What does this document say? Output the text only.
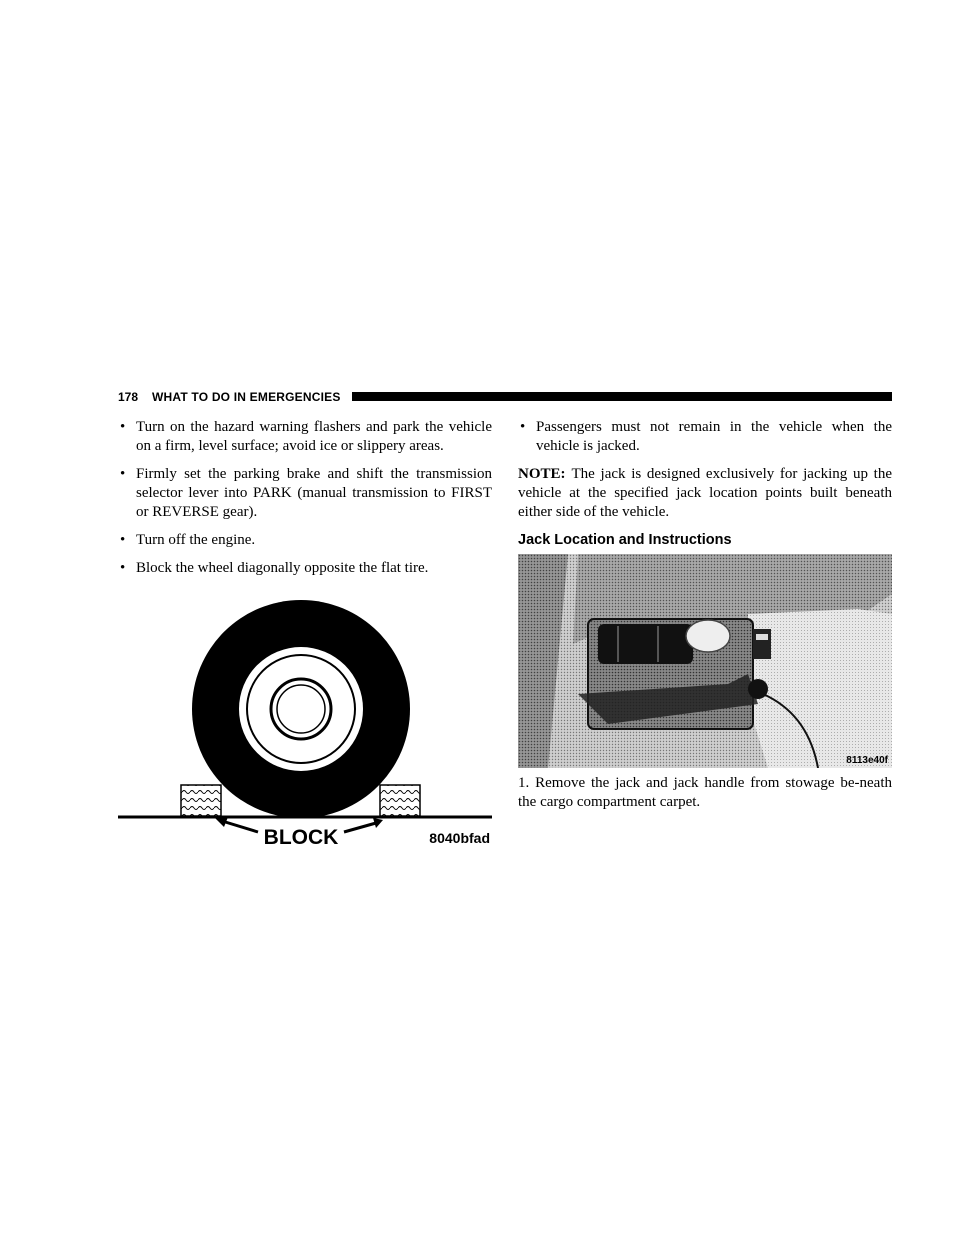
178 WHAT TO DO IN EMERGENCIES
• Turn on the hazard warning flashers and park the vehicle on a firm, level surface; avoid ice or slippery areas.
• Firmly set the parking brake and shift the transmission selector lever into PARK (manual transmission to FIRST or REVERSE gear).
• Turn off the engine.
• Block the wheel diagonally opposite the flat tire.
BLOCK	8040bfad
• Passengers must not remain in the vehicle when the vehicle is jacked.
NOTE: The jack is designed exclusively for jacking up the vehicle at the specified jack location points built beneath either side of the vehicle.
Jack Location and Instructions
8113e40f
1. Remove the jack and jack handle from stowage be-neath the cargo compartment carpet.
